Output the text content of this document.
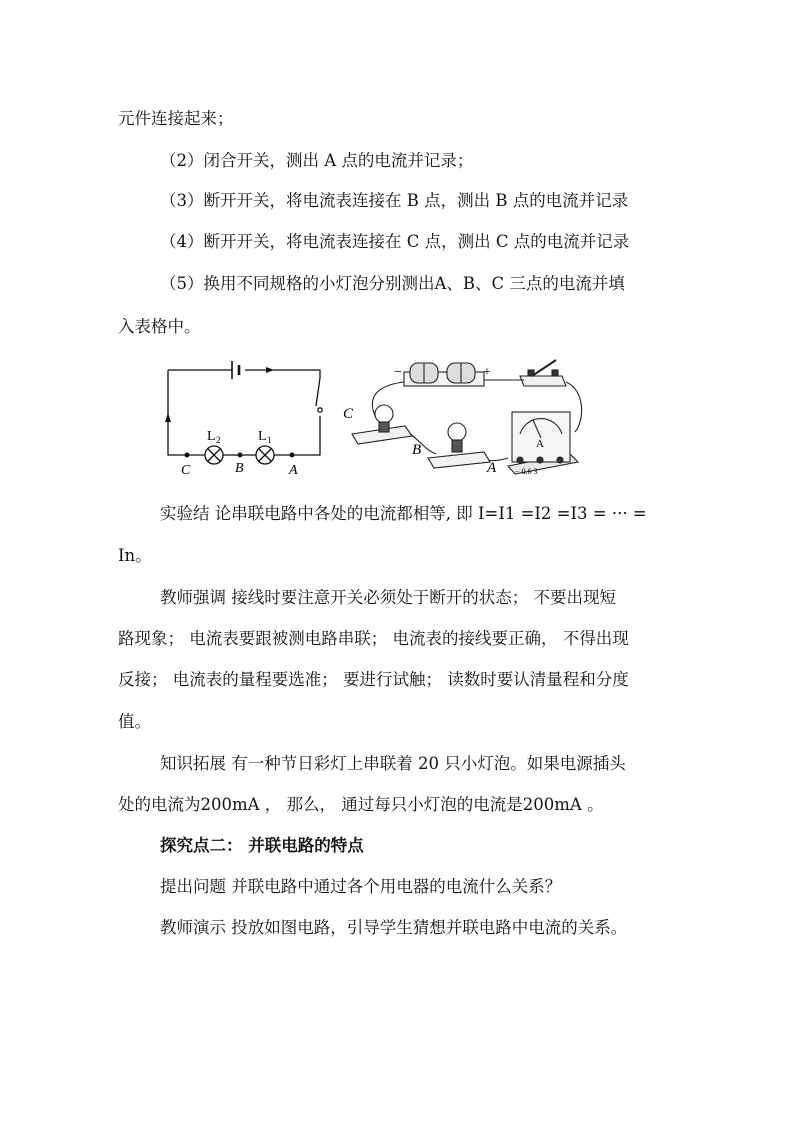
元件连接起来；
（2）闭合开关，测出 A 点的电流并记录；
（3）断开开关，将电流表连接在 B 点，测出 B 点的电流并记录
（4）断开开关，将电流表连接在 C 点，测出 C 点的电流并记录
（5）换用不同规格的小灯泡分别测出A、B、C 三点的电流并填
入表格中。
L 2	L 1
C	B	A
−	+
C
B
A
A
− 0.6 3
实验结 论串联电路中各处的电流都相等, 即 I=I1 =I2 =I3 = ··· =
In。
教师强调 接线时要注意开关必须处于断开的状态； 不要出现短
路现象； 电流表要跟被测电路串联； 电流表的接线要正确， 不得出现
反接； 电流表的量程要选准； 要进行试触； 读数时要认清量程和分度
值。
知识拓展 有一种节日彩灯上串联着 20 只小灯泡。如果电源插头
处的电流为200mA ， 那么， 通过每只小灯泡的电流是200mA 。
探究点二： 并联电路的特点
提出问题 并联电路中通过各个用电器的电流什么关系？
教师演示 投放如图电路，引导学生猜想并联电路中电流的关系。
